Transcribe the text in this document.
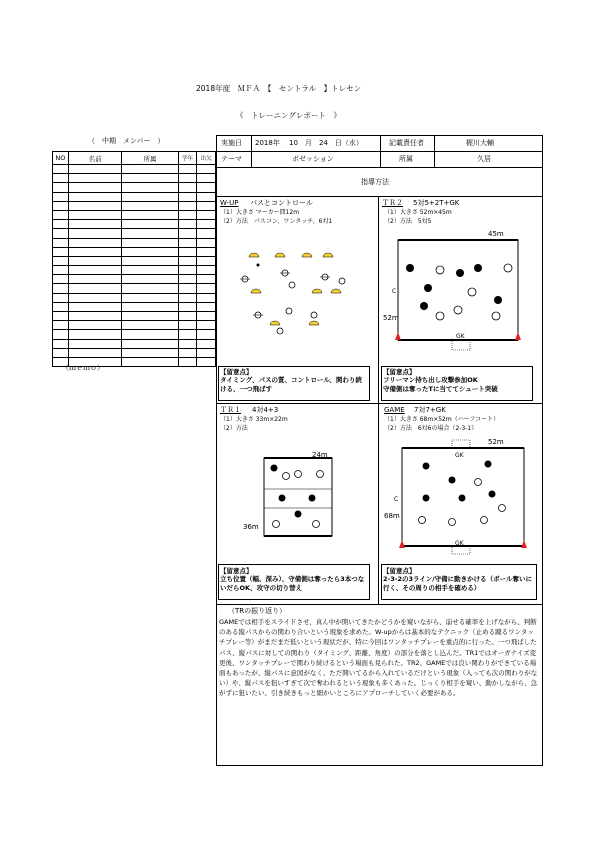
2018年度　ＭＦＡ　【　セントラル　】トレセン
《　トレーニングレポート　》
（　中期　メンバー　）
NO	名前	所属	学年	出欠

（ｍｅｍｏ）
実施日 2018年　 10　月　24　日（水）	記載責任者	梶川大輔
テーマ	ポゼッション	所属	久居
指導方法
W-UP パスとコントロール
（1）大きさ マーカー間12m
（2）方法　パスコン、ワンタッチ、6対1
【留意点】
タイミング、パスの質、コントロール、関わり続ける、一つ飛ばす
ＴＲ２ 5対5+2T+GK
（1）大きさ 52m×45m
（2）方法　5対5
45m
52m
C
GK
【留意点】
フリーマン持ち出し攻撃参加OK
守備側は奪ったTに当ててシュート突破
ＴＲ１ 4対4+3
（1）大きさ 33m×22m
（2）方法
24m
36m
【留意点】
立ち位置（幅、深み）、守備側は奪ったら3本つないだらOK、攻守の切り替え
GAME 7対7+GK
（1）大きさ 68m×52m（ハーフコート）
（2）方法　6対6の場合（2-3-1）
52m
68m
C
GK
GK
【留意点】
2-3-2の3ライン/守備に動きかける（ボール奪いに行く、その周りの相手を確める）
（TRの振り返り）
GAMEでは相手をスライドさせ、真ん中が開いてきたかどうかを窺いながら、崩せる確率を上げながら、判断のある縦パスからの関わり合いという現象を求めた。W-upからは基本的なテクニック（止める蹴るワンタッチプレー等）がまだまだ低いという現状だが、特に今回はワンタッチプレーを重点的に行った。一つ飛ばしたパス、縦パスに対しての関わり（タイミング、距離、角度）の部分を落とし込んだ。TR1ではオーガナイズ変更後、ワンタッチプレーで関わり続けるという場面も見られた。TR2、GAMEでは良い関わりができている場面もあったが、縦パスに意図がなく、ただ開いてるから入れているだけという現象（入っても次の関わりがない）や、縦パスを狙いすぎて次で奪われるという現象も多くあった。じっくり相手を窺い、動かしながら、急がずに狙いたい。引き続きもっと細かいところにアプローチしていく必要がある。
